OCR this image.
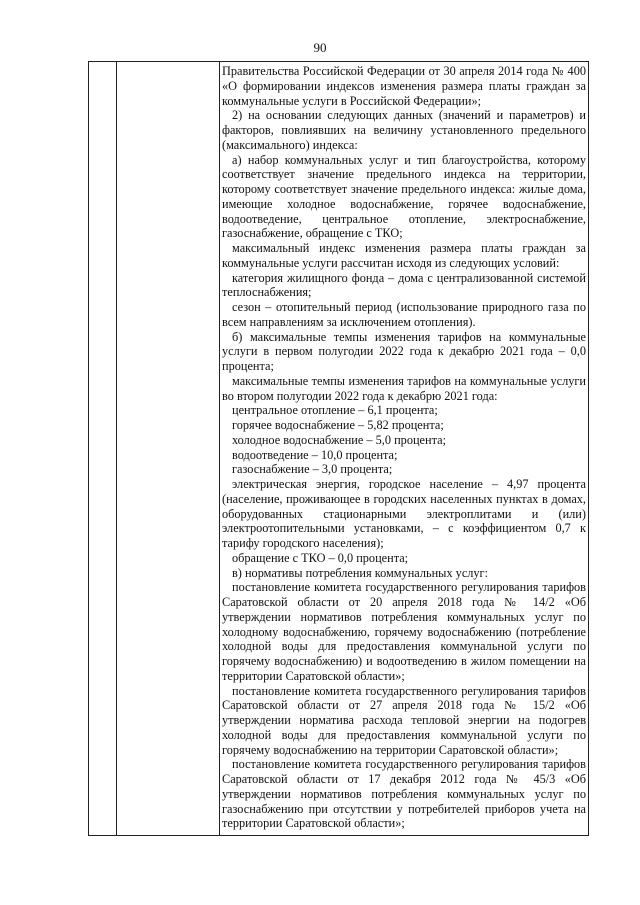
90

Правительства Российской Федерации от 30 апреля 2014 года № 400 «О формировании индексов изменения размера платы граждан за коммунальные услуги в Российской Федерации»;

2) на основании следующих данных (значений и параметров) и факторов, повлиявших на величину установленного предельного (максимального) индекса:

а) набор коммунальных услуг и тип благоустройства, которому соответствует значение предельного индекса на территории, которому соответствует значение предельного индекса: жилые дома, имеющие холодное водоснабжение, горячее водоснабжение, водоотведение, центральное отопление, электроснабжение, газоснабжение, обращение с ТКО;

максимальный индекс изменения размера платы граждан за коммунальные услуги рассчитан исходя из следующих условий:

категория жилищного фонда – дома с централизованной системой теплоснабжения;

сезон – отопительный период (использование природного газа по всем направлениям за исключением отопления).

б) максимальные темпы изменения тарифов на коммунальные услуги в первом полугодии 2022 года к декабрю 2021 года – 0,0 процента;

максимальные темпы изменения тарифов на коммунальные услуги во втором полугодии 2022 года к декабрю 2021 года:

центральное отопление – 6,1 процента;

горячее водоснабжение – 5,82 процента;

холодное водоснабжение – 5,0 процента;

водоотведение – 10,0 процента;

газоснабжение – 3,0 процента;

электрическая энергия, городское население – 4,97 процента (население, проживающее в городских населенных пунктах в домах, оборудованных стационарными электроплитами и (или) электроотопительными установками, – с коэффициентом 0,7 к тарифу городского населения);

обращение с ТКО – 0,0 процента;

в) нормативы потребления коммунальных услуг:

постановление комитета государственного регулирования тарифов Саратовской области от 20 апреля 2018 года № 14/2 «Об утверждении нормативов потребления коммунальных услуг по холодному водоснабжению, горячему водоснабжению (потребление холодной воды для предоставления коммунальной услуги по горячему водоснабжению) и водоотведению в жилом помещении на территории Саратовской области»;

постановление комитета государственного регулирования тарифов Саратовской области от 27 апреля 2018 года № 15/2 «Об утверждении норматива расхода тепловой энергии на подогрев холодной воды для предоставления коммунальной услуги по горячему водоснабжению на территории Саратовской области»;

постановление комитета государственного регулирования тарифов Саратовской области от 17 декабря 2012 года № 45/3 «Об утверждении нормативов потребления коммунальных услуг по газоснабжению при отсутствии у потребителей приборов учета на территории Саратовской области»;
